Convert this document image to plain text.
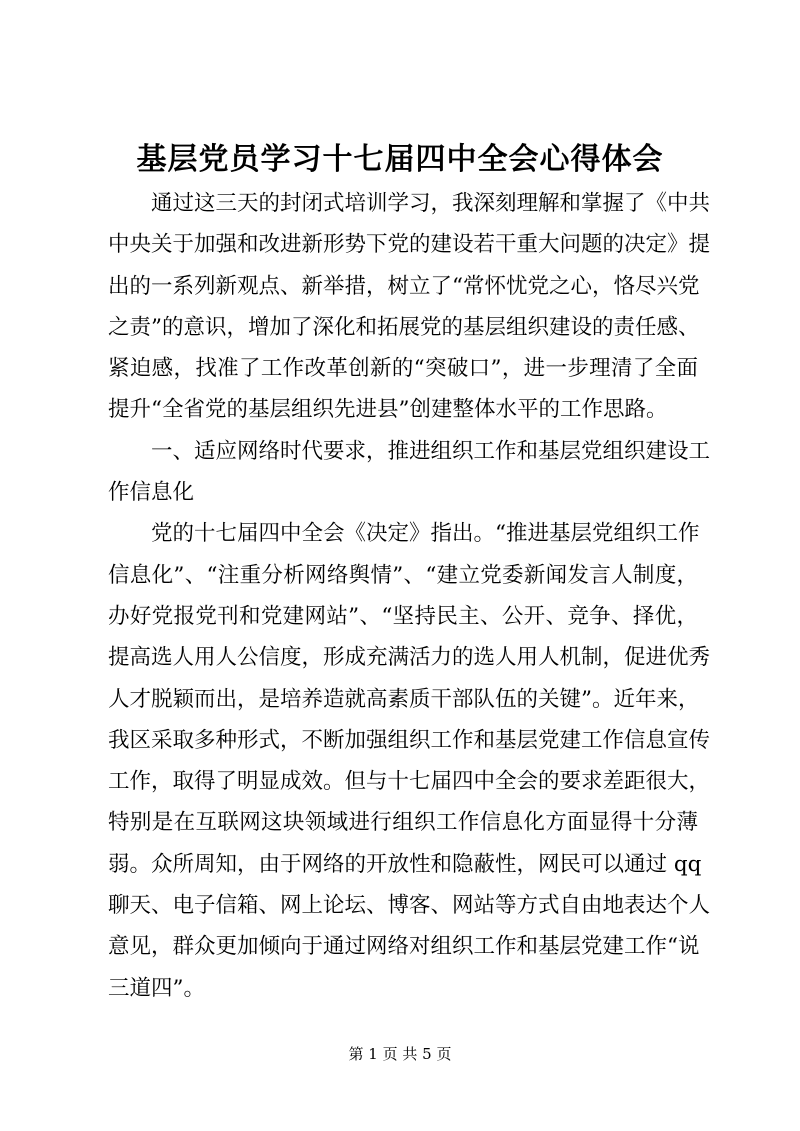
基层党员学习十七届四中全会心得体会
　　通过这三天的封闭式培训学习，我深刻理解和掌握了《中共
中央关于加强和改进新形势下党的建设若干重大问题的决定》提
出的一系列新观点、新举措，树立了“常怀忧党之心，恪尽兴党
之责”的意识，增加了深化和拓展党的基层组织建设的责任感、
紧迫感，找准了工作改革创新的“突破口”，进一步理清了全面
提升“全省党的基层组织先进县”创建整体水平的工作思路。
　　一、适应网络时代要求，推进组织工作和基层党组织建设工
作信息化
　　党的十七届四中全会《决定》指出。“推进基层党组织工作
信息化”、“注重分析网络舆情”、“建立党委新闻发言人制度，
办好党报党刊和党建网站”、“坚持民主、公开、竞争、择优，
提高选人用人公信度，形成充满活力的选人用人机制，促进优秀
人才脱颖而出，是培养造就高素质干部队伍的关键”。近年来，
我区采取多种形式，不断加强组织工作和基层党建工作信息宣传
工作，取得了明显成效。但与十七届四中全会的要求差距很大，
特别是在互联网这块领域进行组织工作信息化方面显得十分薄
弱。众所周知，由于网络的开放性和隐蔽性，网民可以通过 qq
聊天、电子信箱、网上论坛、博客、网站等方式自由地表达个人
意见，群众更加倾向于通过网络对组织工作和基层党建工作“说
三道四”。
第 1 页 共 5 页
